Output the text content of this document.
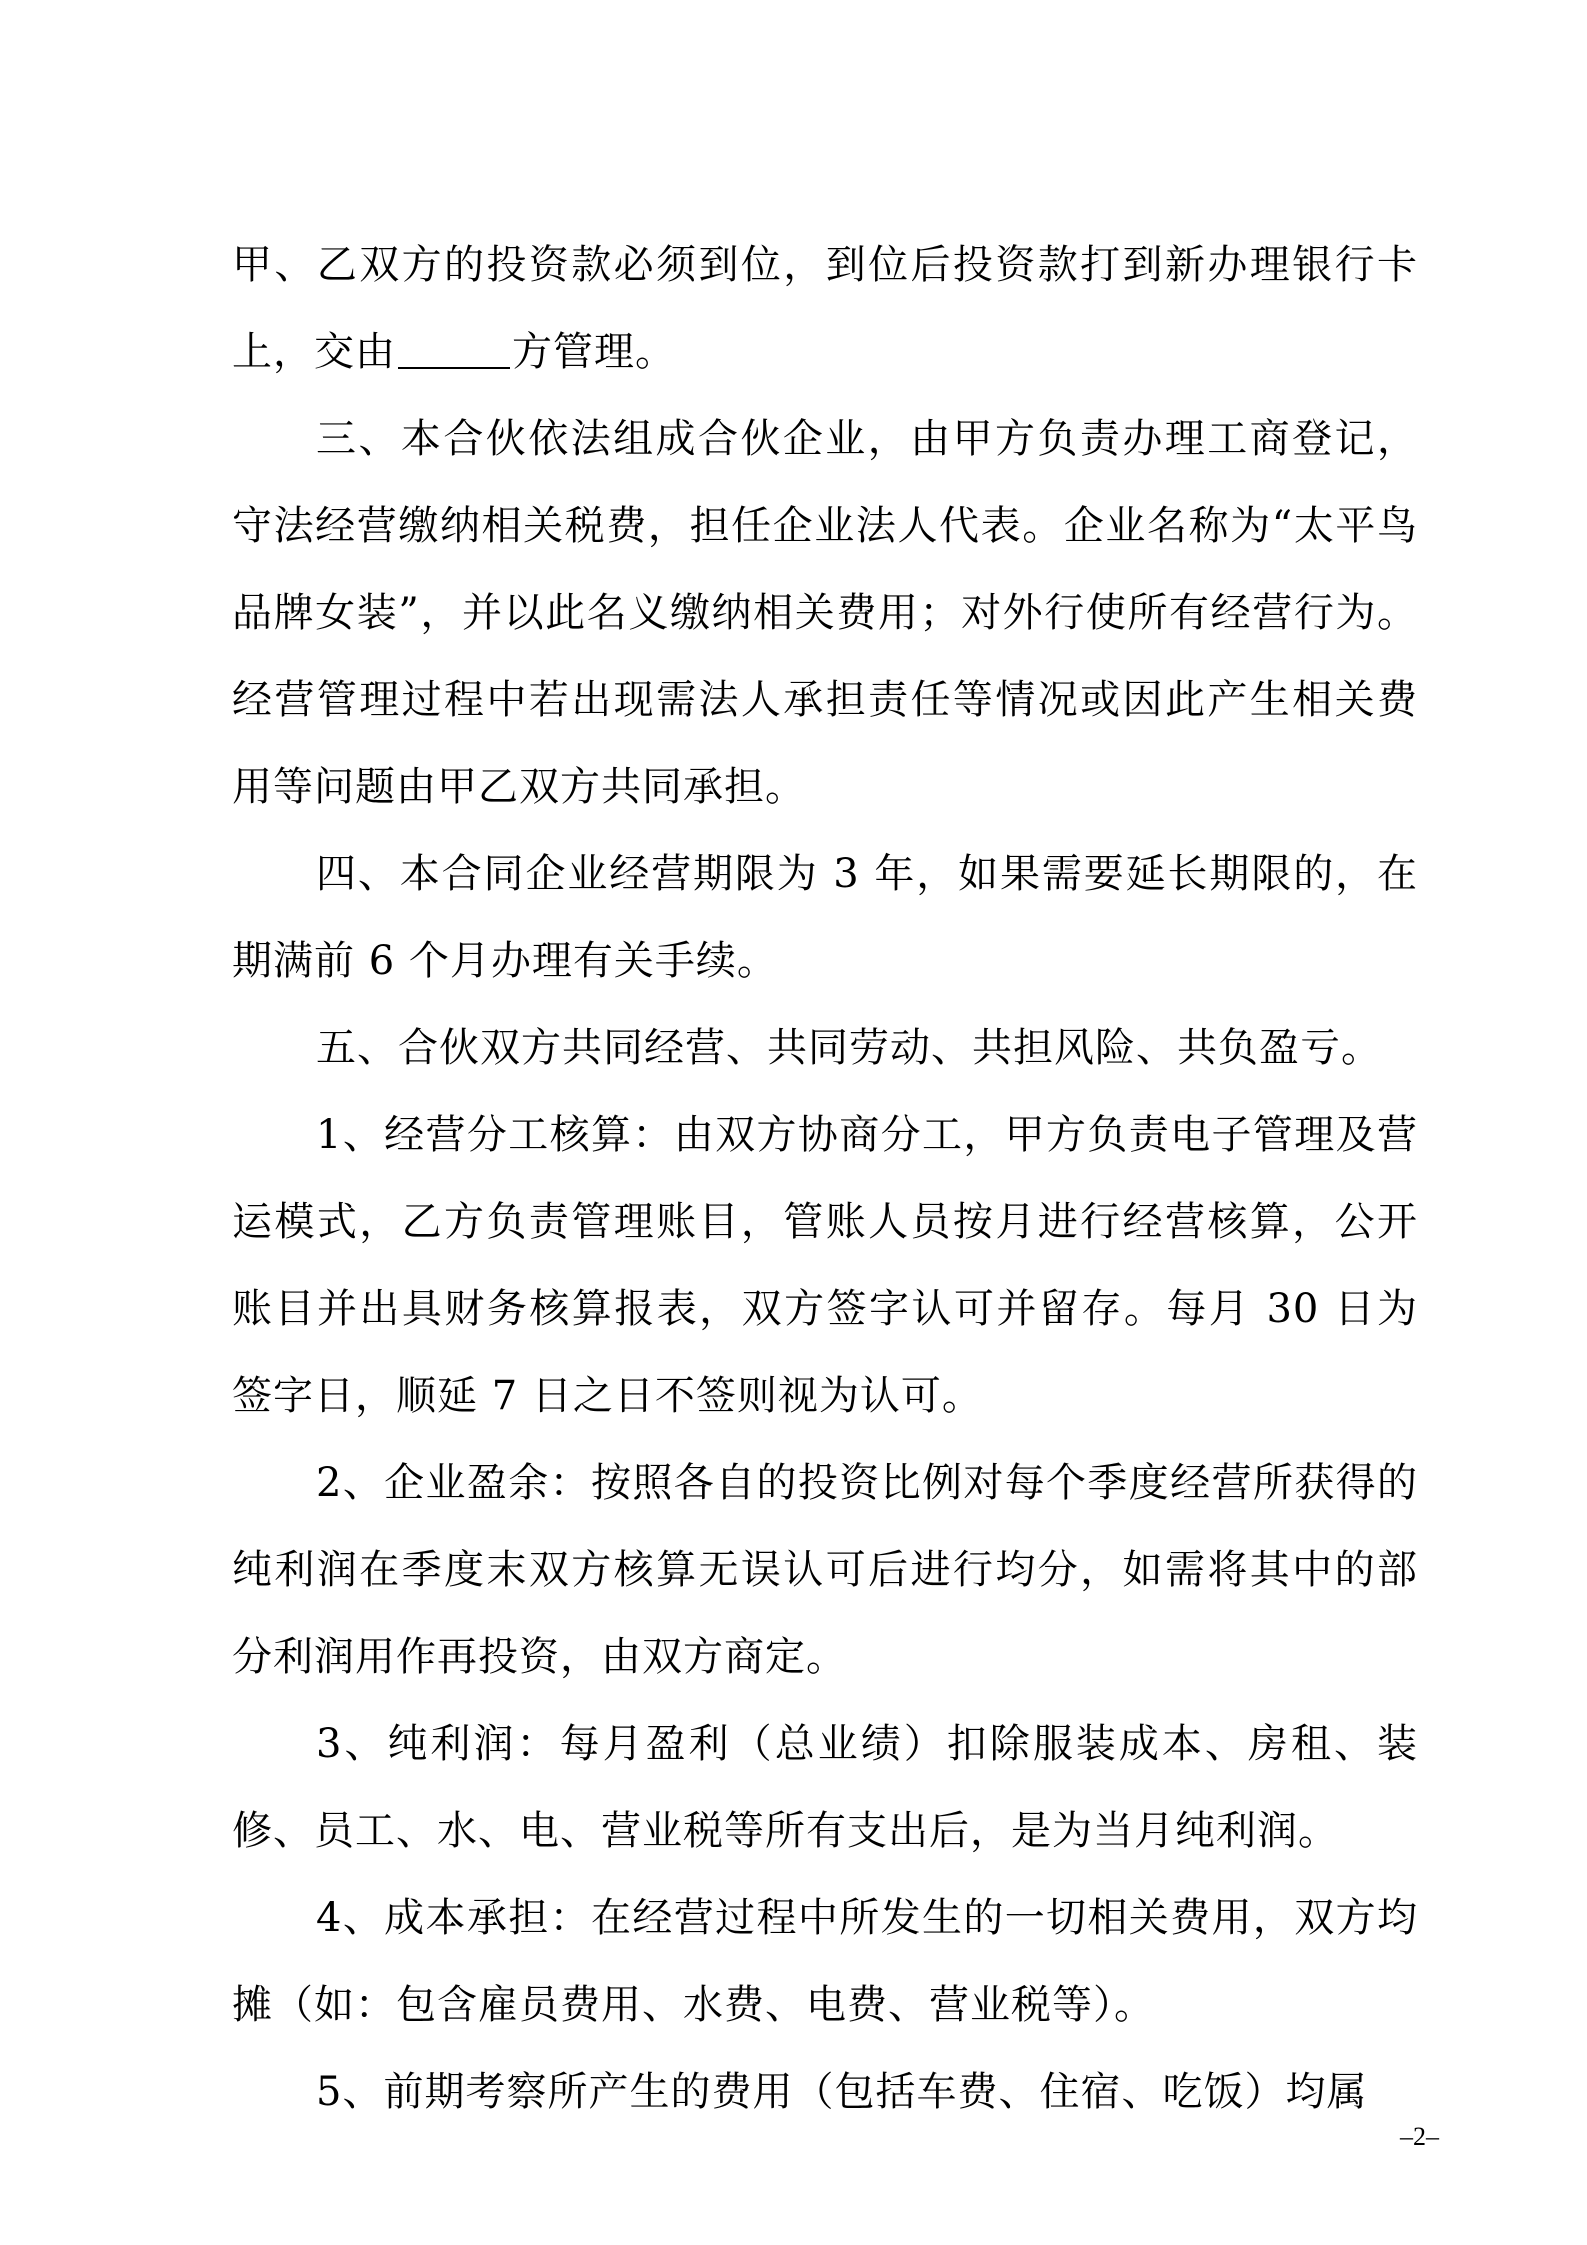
甲、乙双方的投资款必须到位，到位后投资款打到新办理银行卡上，交由	方管理。

三、本合伙依法组成合伙企业，由甲方负责办理工商登记，守法经营缴纳相关税费，担任企业法人代表。企业名称为“太平鸟品牌女装”，并以此名义缴纳相关费用；对外行使所有经营行为。经营管理过程中若出现需法人承担责任等情况或因此产生相关费用等问题由甲乙双方共同承担。

四、本合同企业经营期限为 3 年，如果需要延长期限的，在期满前 6 个月办理有关手续。

五、合伙双方共同经营、共同劳动、共担风险、共负盈亏。

1、经营分工核算：由双方协商分工，甲方负责电子管理及营运模式，乙方负责管理账目，管账人员按月进行经营核算，公开账目并出具财务核算报表，双方签字认可并留存。每月 30 日为签字日，顺延 7 日之日不签则视为认可。

2、企业盈余：按照各自的投资比例对每个季度经营所获得的纯利润在季度末双方核算无误认可后进行均分，如需将其中的部分利润用作再投资，由双方商定。

3、纯利润：每月盈利（总业绩）扣除服装成本、房租、装修、员工、水、电、营业税等所有支出后，是为当月纯利润。

4、成本承担：在经营过程中所发生的一切相关费用，双方均摊（如：包含雇员费用、水费、电费、营业税等）。

5、前期考察所产生的费用（包括车费、住宿、吃饭）均属

–2–
